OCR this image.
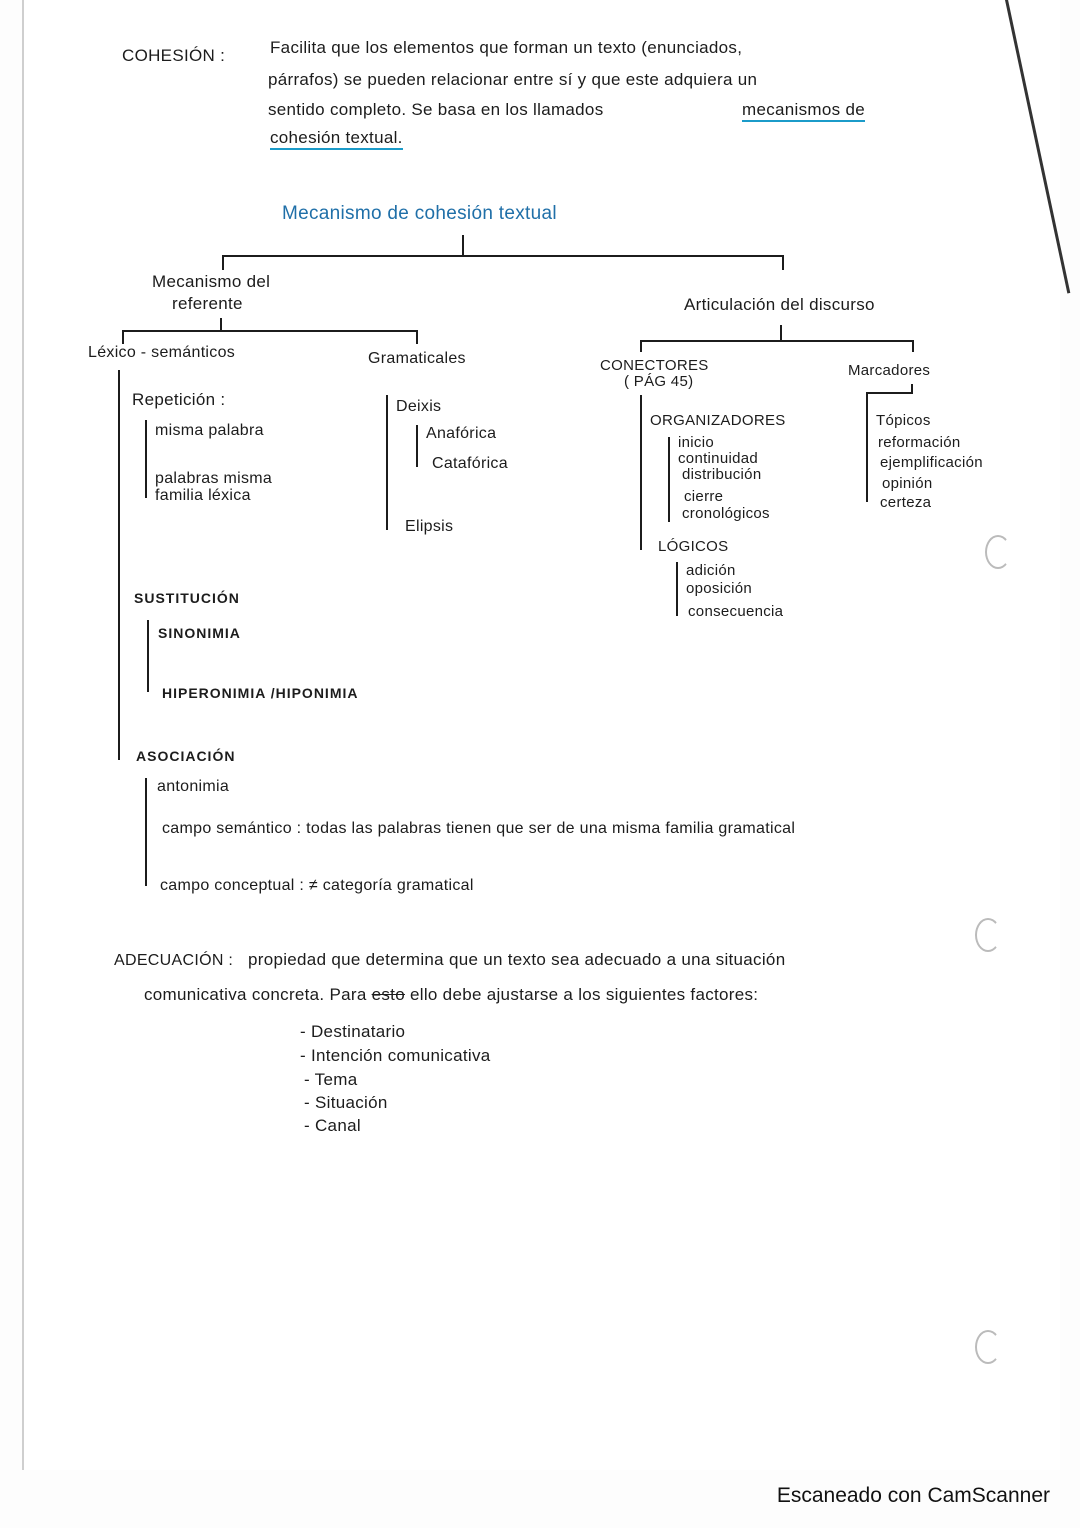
COHESIÓN :	Facilita que los elementos que forman un texto (enunciados,
párrafos) se pueden relacionar entre sí y que este adquiera un
sentido completo. Se basa en los llamados	mecanismos de
cohesión textual.
Mecanismo de cohesión textual
Mecanismo del
referente	Articulación del discurso
Léxico - semánticos	Gramaticales	CONECTORES
( PÁG 45)
Marcadores
Repetición :
misma palabra
palabras misma
familia léxica
SUSTITUCIÓN
SINONIMIA
HIPERONIMIA /HIPONIMIA
ASOCIACIÓN
antonimia
campo semántico : todas las palabras tienen que ser de una misma familia gramatical
campo conceptual : ≠ categoría gramatical
Deixis
Anafórica
Catafórica
Elipsis
ORGANIZADORES
inicio
continuidad
distribución
cierre
cronológicos
LÓGICOS
adición
oposición
consecuencia
Tópicos
reformación
ejemplificación
opinión
certeza
ADECUACIÓN : propiedad que determina que un texto sea adecuado a una situación
comunicativa concreta. Para esto ello debe ajustarse a los siguientes factores:
- Destinatario
- Intención comunicativa
- Tema
- Situación
- Canal
Escaneado con CamScanner
